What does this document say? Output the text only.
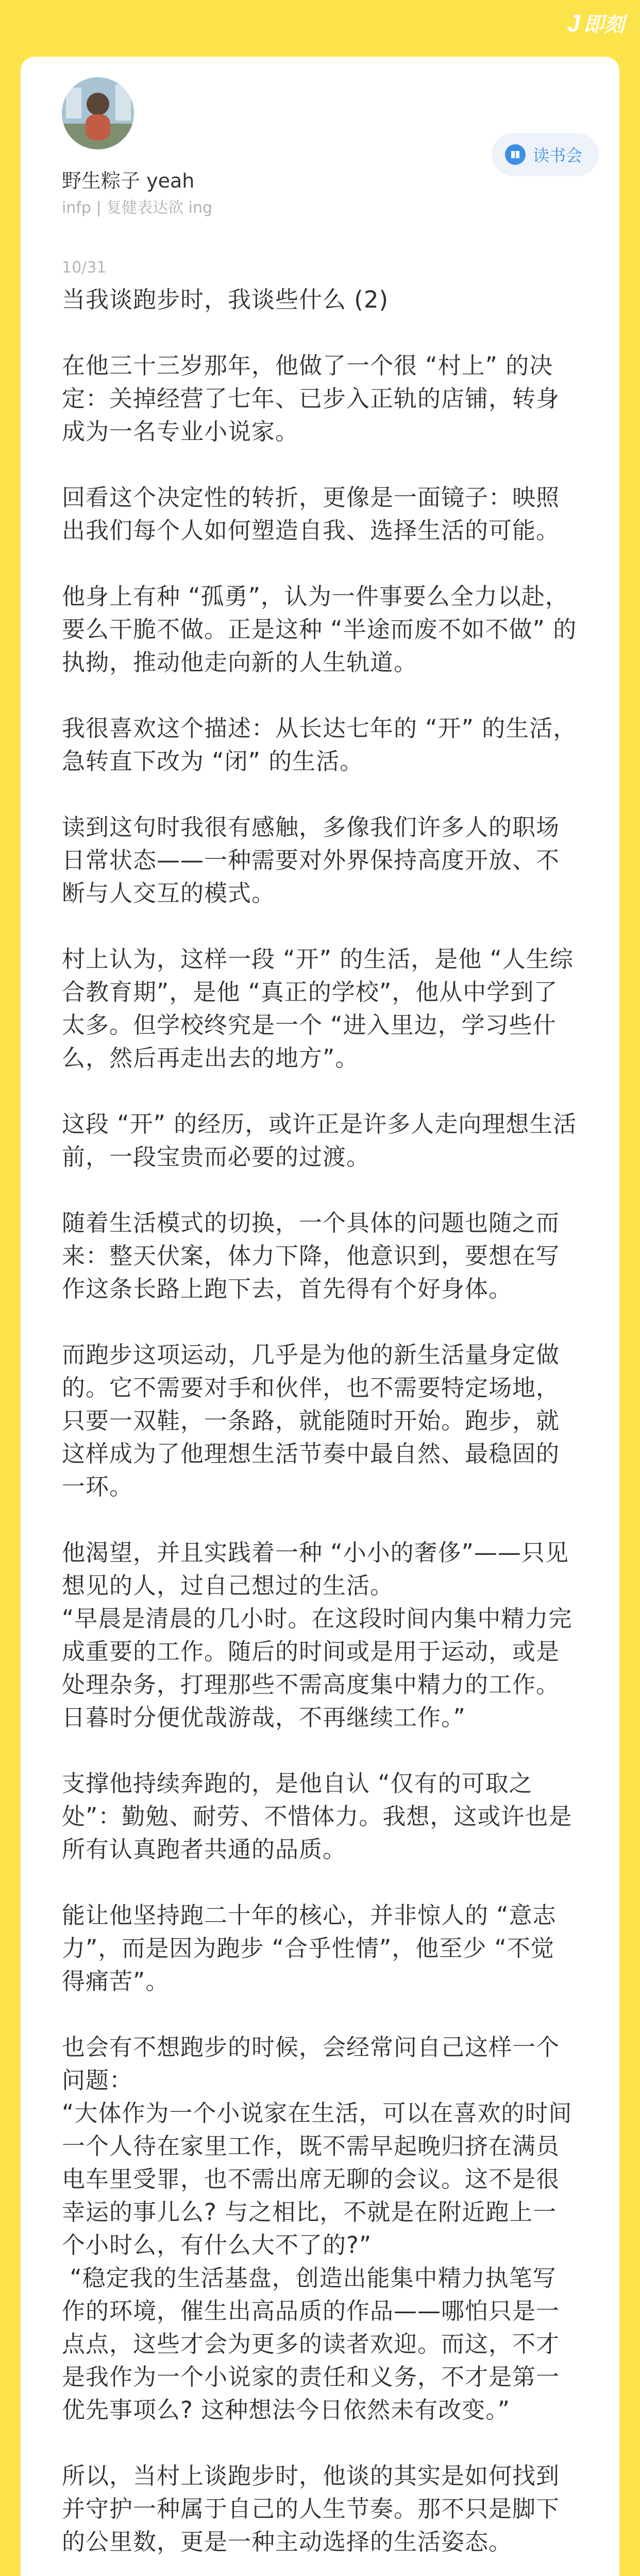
J 即刻
野生粽子 yeah
infp | 复健表达欲 ing
读书会
10/31

当我谈跑步时，我谈些什么 (2)

在他三十三岁那年，他做了一个很 “村上” 的决定：关掉经营了七年、已步入正轨的店铺，转身成为一名专业小说家。

回看这个决定性的转折，更像是一面镜子：映照出我们每个人如何塑造自我、选择生活的可能。

他身上有种 “孤勇”，认为一件事要么全力以赴，要么干脆不做。正是这种 “半途而废不如不做” 的执拗，推动他走向新的人生轨道。

我很喜欢这个描述：从长达七年的 “开” 的生活，急转直下改为 “闭” 的生活。

读到这句时我很有感触，多像我们许多人的职场日常状态——一种需要对外界保持高度开放、不断与人交互的模式。

村上认为，这样一段 “开” 的生活，是他 “人生综合教育期”，是他 “真正的学校”，他从中学到了太多。但学校终究是一个 “进入里边，学习些什么，然后再走出去的地方”。

这段 “开” 的经历，或许正是许多人走向理想生活前，一段宝贵而必要的过渡。

随着生活模式的切换，一个具体的问题也随之而来：整天伏案，体力下降，他意识到，要想在写作这条长路上跑下去，首先得有个好身体。

而跑步这项运动，几乎是为他的新生活量身定做的。它不需要对手和伙伴，也不需要特定场地，只要一双鞋，一条路，就能随时开始。跑步，就这样成为了他理想生活节奏中最自然、最稳固的一环。

他渴望，并且实践着一种 “小小的奢侈”——只见想见的人，过自己想过的生活。
“早晨是清晨的几小时。在这段时间内集中精力完成重要的工作。随后的时间或是用于运动，或是处理杂务，打理那些不需高度集中精力的工作。日暮时分便优哉游哉，不再继续工作。”

支撑他持续奔跑的，是他自认 “仅有的可取之处”：勤勉、耐劳、不惜体力。我想，这或许也是所有认真跑者共通的品质。

能让他坚持跑二十年的核心，并非惊人的 “意志力”，而是因为跑步 “合乎性情”，他至少 “不觉得痛苦”。

也会有不想跑步的时候，会经常问自己这样一个问题：
“大体作为一个小说家在生活，可以在喜欢的时间一个人待在家里工作，既不需早起晚归挤在满员电车里受罪，也不需出席无聊的会议。这不是很幸运的事儿么? 与之相比，不就是在附近跑上一个小时么，有什么大不了的?”
“稳定我的生活基盘，创造出能集中精力执笔写作的环境，催生出高品质的作品——哪怕只是一点点，这些才会为更多的读者欢迎。而这，不才是我作为一个小说家的责任和义务，不才是第一优先事项么? 这种想法今日依然未有改变。”

所以，当村上谈跑步时，他谈的其实是如何找到并守护一种属于自己的人生节奏。那不只是脚下的公里数，更是一种主动选择的生活姿态。
